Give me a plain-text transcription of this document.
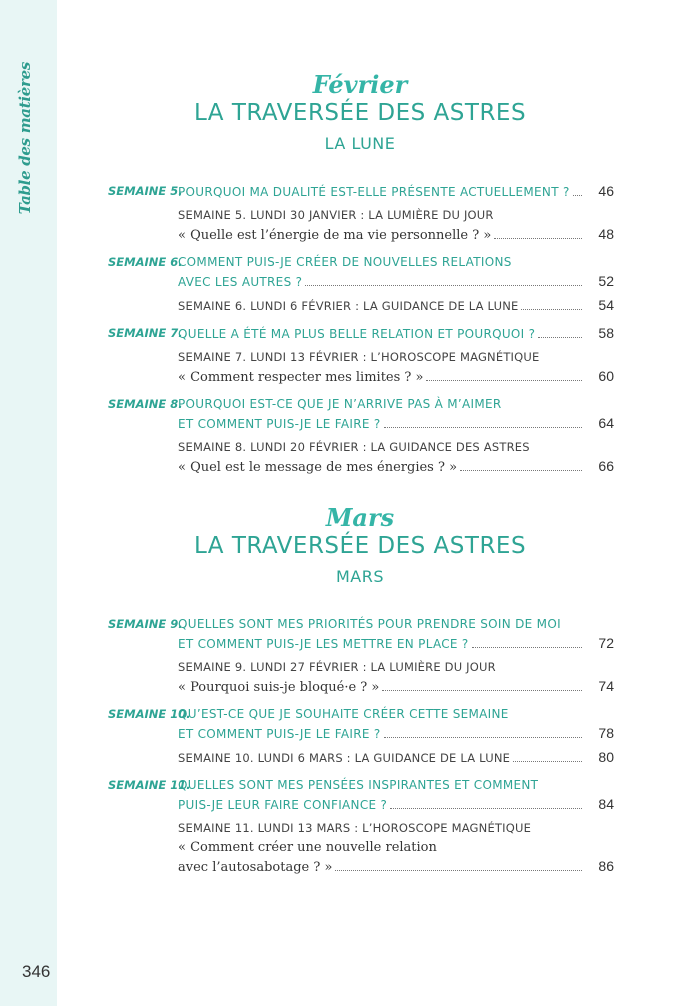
Table des matières
346
Février
LA TRAVERSÉE DES ASTRES
LA LUNE
SEMAINE 5.
POURQUOI MA DUALITÉ EST-ELLE PRÉSENTE ACTUELLEMENT ?	46
SEMAINE 5. LUNDI 30 JANVIER : LA LUMIÈRE DU JOUR
« Quelle est l’énergie de ma vie personnelle ? »	48
SEMAINE 6.
COMMENT PUIS-JE CRÉER DE NOUVELLES RELATIONS
AVEC LES AUTRES ?	52
SEMAINE 6. LUNDI 6 FÉVRIER : LA GUIDANCE DE LA LUNE	54
SEMAINE 7.
QUELLE A ÉTÉ MA PLUS BELLE RELATION ET POURQUOI ?	58
SEMAINE 7. LUNDI 13 FÉVRIER : L’HOROSCOPE MAGNÉTIQUE
« Comment respecter mes limites ? »	60
SEMAINE 8.
POURQUOI EST-CE QUE JE N’ARRIVE PAS À M’AIMER
ET COMMENT PUIS-JE LE FAIRE ?	64
SEMAINE 8. LUNDI 20 FÉVRIER : LA GUIDANCE DES ASTRES
« Quel est le message de mes énergies ? »	66
Mars
LA TRAVERSÉE DES ASTRES
MARS
SEMAINE 9.
QUELLES SONT MES PRIORITÉS POUR PRENDRE SOIN DE MOI
ET COMMENT PUIS-JE LES METTRE EN PLACE ?	72
SEMAINE 9. LUNDI 27 FÉVRIER : LA LUMIÈRE DU JOUR
« Pourquoi suis-je bloqué·e ? »	74
SEMAINE 10.
QU’EST-CE QUE JE SOUHAITE CRÉER CETTE SEMAINE
ET COMMENT PUIS-JE LE FAIRE ?	78
SEMAINE 10. LUNDI 6 MARS : LA GUIDANCE DE LA LUNE	80
SEMAINE 11.
QUELLES SONT MES PENSÉES INSPIRANTES ET COMMENT
PUIS-JE LEUR FAIRE CONFIANCE ?	84
SEMAINE 11. LUNDI 13 MARS : L’HOROSCOPE MAGNÉTIQUE
« Comment créer une nouvelle relation
avec l’autosabotage ? »	86
